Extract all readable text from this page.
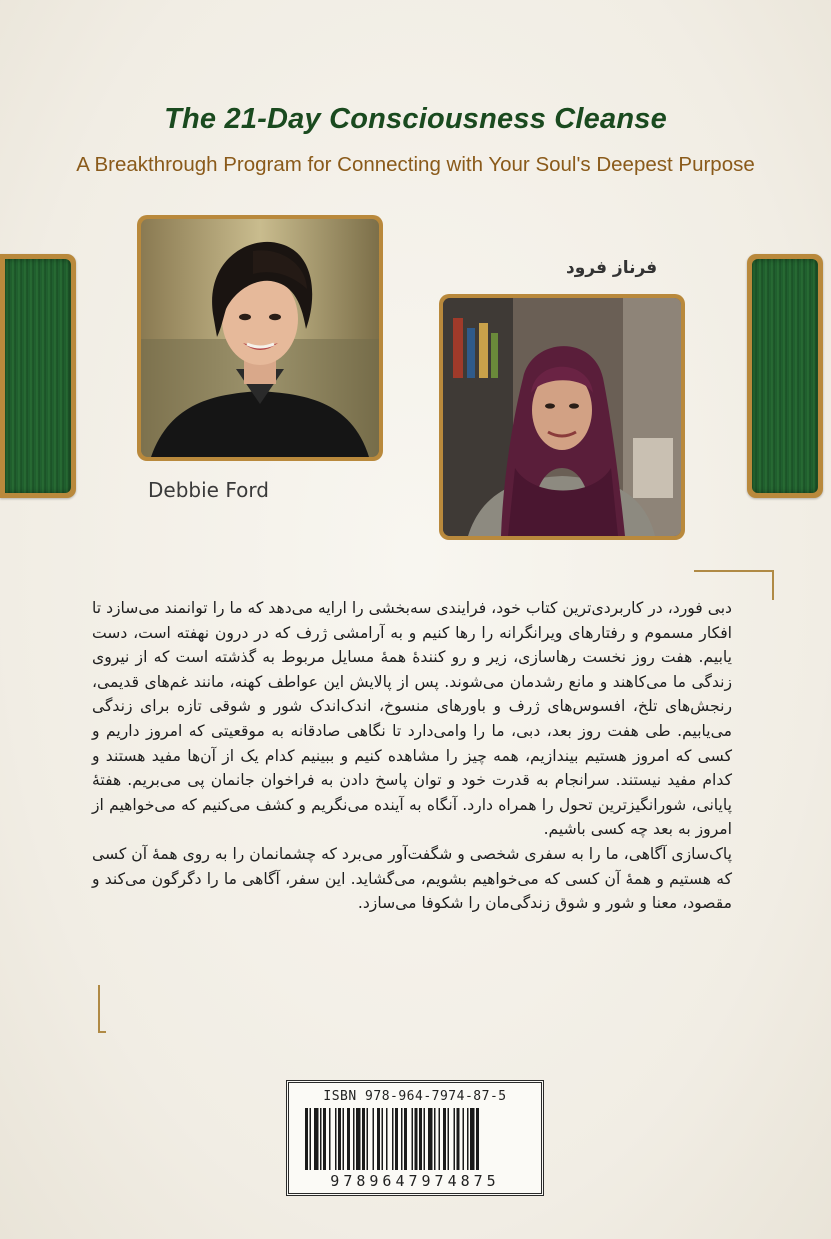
The 21-Day Consciousness Cleanse
A Breakthrough Program for Connecting with Your Soul's Deepest Purpose
Debbie Ford
فرناز فرود

دبی فورد، در کاربردی‌ترین کتاب خود، فرایندی سه‌بخشی را ارایه می‌دهد که ما را توانمند می‌سازد تا افکار مسموم و رفتارهای ویرانگرانه را رها کنیم و به آرامشی ژرف که در درون نهفته است، دست یابیم. هفت روز نخست رهاسازی، زیر و رو کنندهٔ همهٔ مسایل مربوط به گذشته است که از نیروی زندگی ما می‌کاهند و مانع رشدمان می‌شوند. پس از پالایش این عواطف کهنه، مانند غم‌های قدیمی، رنجش‌های تلخ، افسوس‌های ژرف و باورهای منسوخ، اندک‌اندک شور و شوقی تازه برای زندگی می‌یابیم. طی هفت روز بعد، دبی، ما را وامی‌دارد تا نگاهی صادقانه به موقعیتی که امروز داریم و کسی که امروز هستیم بیندازیم، همه چیز را مشاهده کنیم و ببینیم کدام یک از آن‌ها مفید هستند و کدام مفید نیستند. سرانجام به قدرت خود و توان پاسخ دادن به فراخوان جانمان پی می‌بریم. هفتهٔ پایانی، شورانگیزترین تحول را همراه دارد. آنگاه به آینده می‌نگریم و کشف می‌کنیم که می‌خواهیم از امروز به بعد چه کسی باشیم.

پاک‌سازی آگاهی، ما را به سفری شخصی و شگفت‌آور می‌برد که چشمانمان را به روی همهٔ آن کسی که هستیم و همهٔ آن کسی که می‌خواهیم بشویم، می‌گشاید. این سفر، آگاهی ما را دگرگون می‌کند و مقصود، معنا و شور و شوق زندگی‌مان را شکوفا می‌سازد.

ISBN 978-964-7974-87-5
9789647974875
